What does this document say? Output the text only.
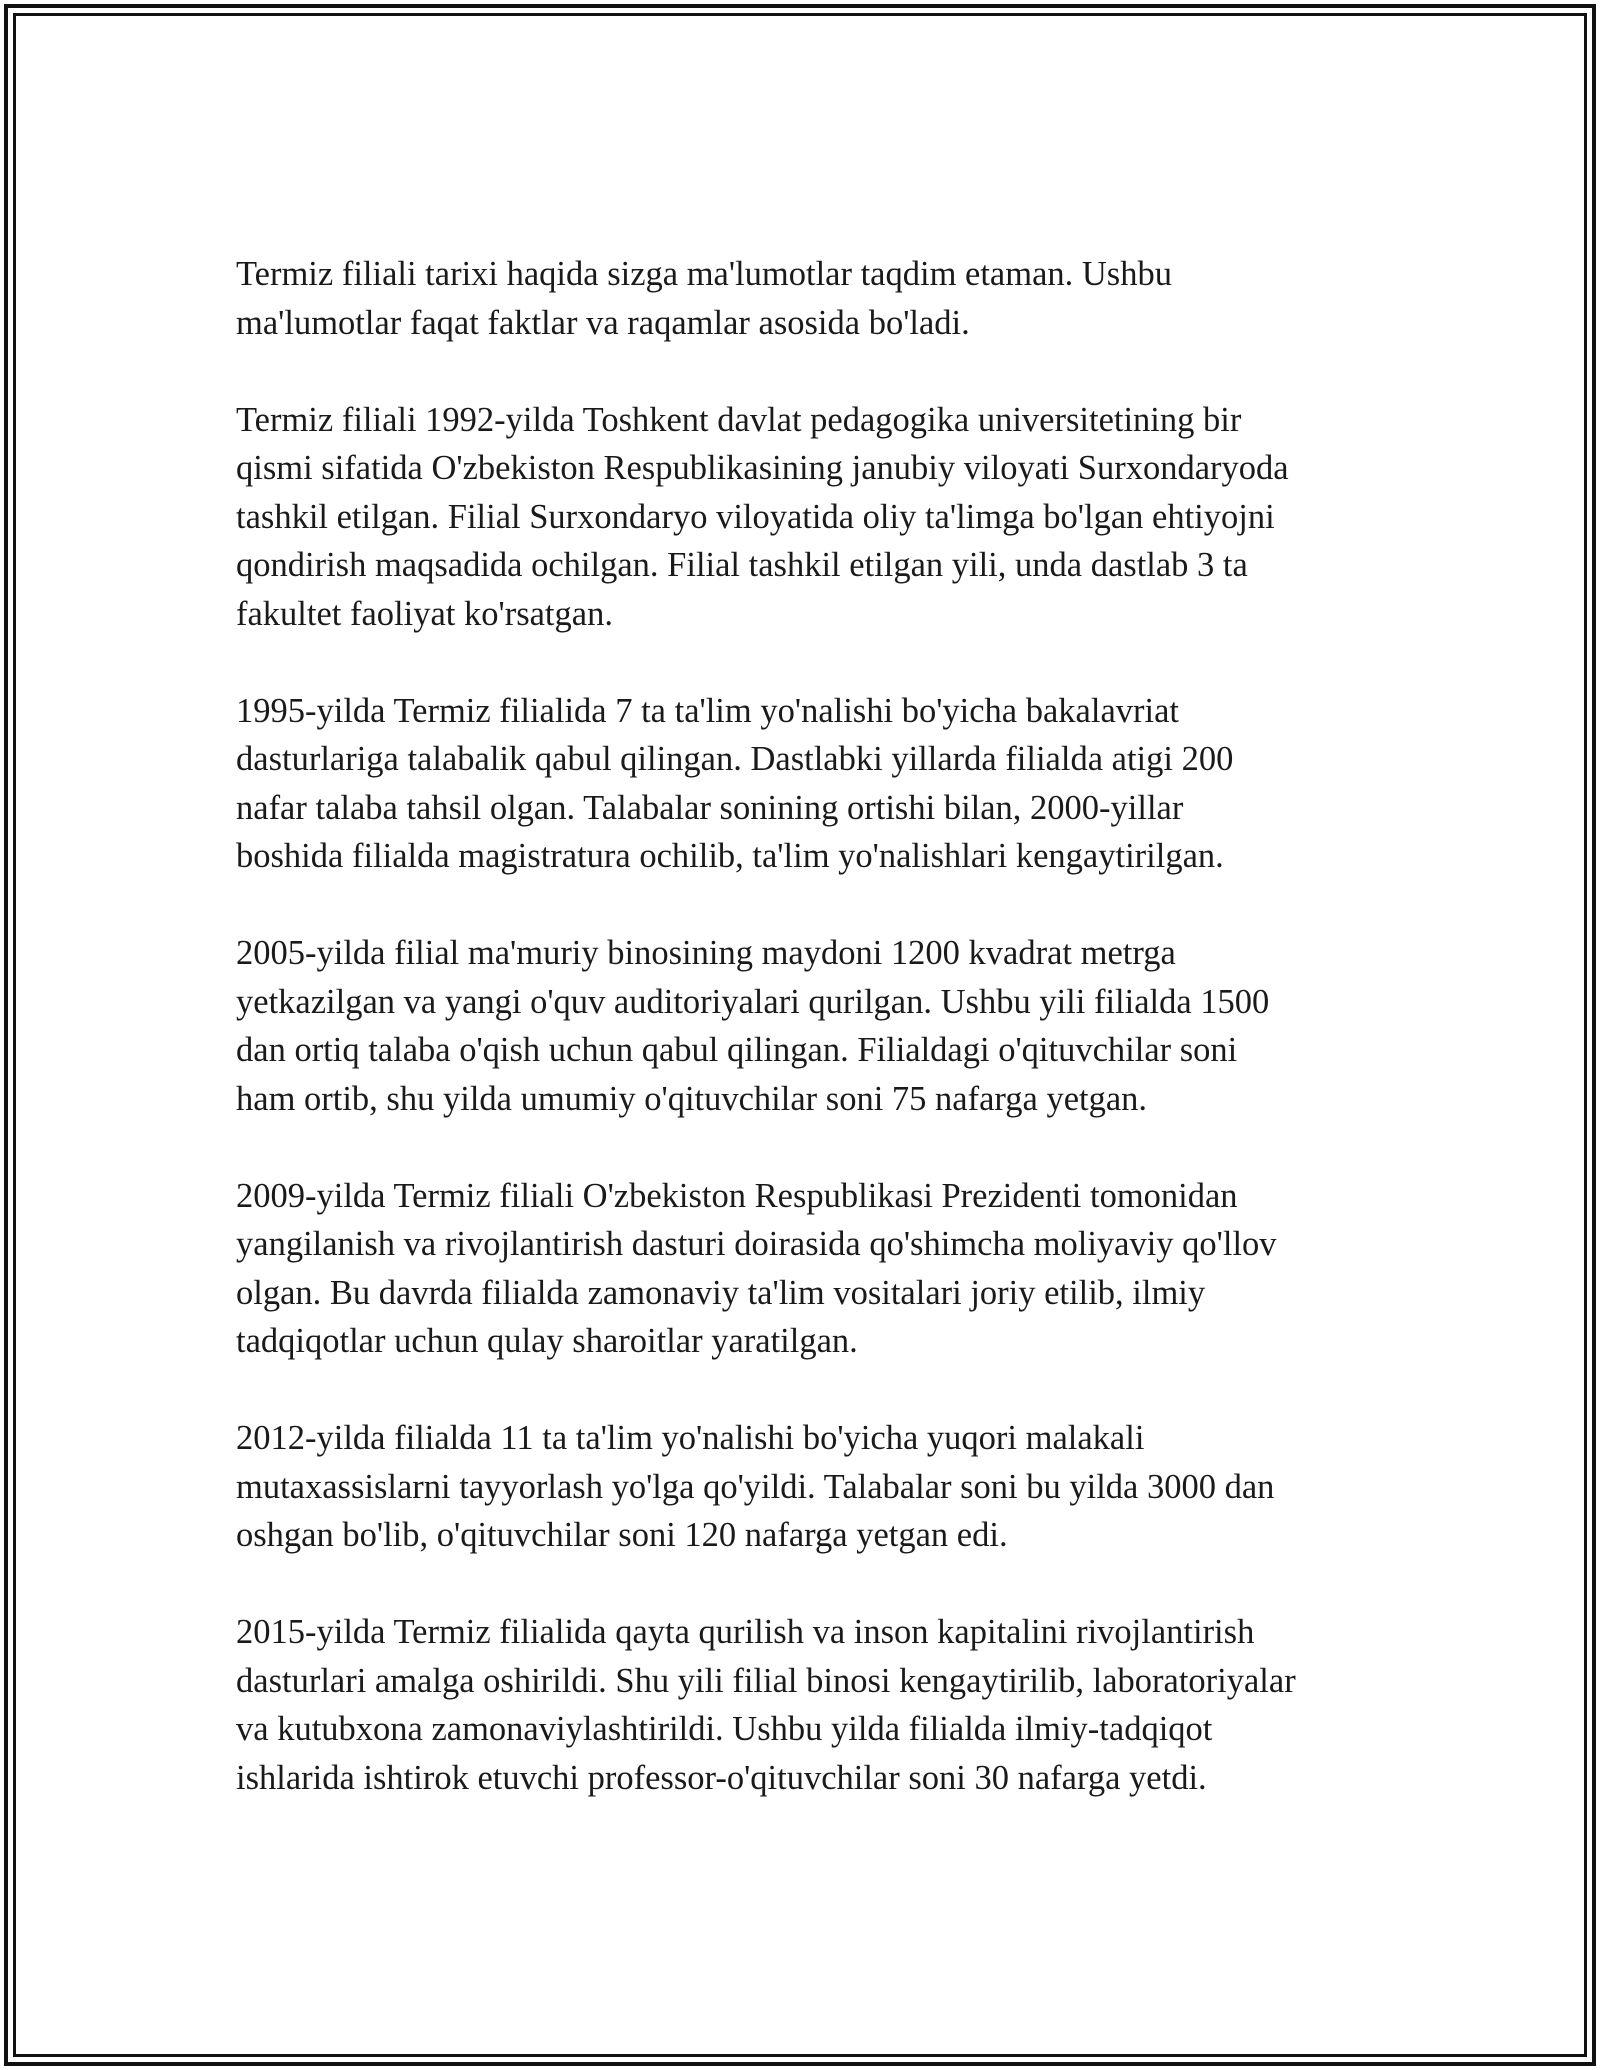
Termiz filiali tarixi haqida sizga ma'lumotlar taqdim etaman. Ushbu
ma'lumotlar faqat faktlar va raqamlar asosida bo'ladi.

Termiz filiali 1992-yilda Toshkent davlat pedagogika universitetining bir
qismi sifatida O'zbekiston Respublikasining janubiy viloyati Surxondaryoda
tashkil etilgan. Filial Surxondaryo viloyatida oliy ta'limga bo'lgan ehtiyojni
qondirish maqsadida ochilgan. Filial tashkil etilgan yili, unda dastlab 3 ta
fakultet faoliyat ko'rsatgan.

1995-yilda Termiz filialida 7 ta ta'lim yo'nalishi bo'yicha bakalavriat
dasturlariga talabalik qabul qilingan. Dastlabki yillarda filialda atigi 200
nafar talaba tahsil olgan. Talabalar sonining ortishi bilan, 2000-yillar
boshida filialda magistratura ochilib, ta'lim yo'nalishlari kengaytirilgan.

2005-yilda filial ma'muriy binosining maydoni 1200 kvadrat metrga
yetkazilgan va yangi o'quv auditoriyalari qurilgan. Ushbu yili filialda 1500
dan ortiq talaba o'qish uchun qabul qilingan. Filialdagi o'qituvchilar soni
ham ortib, shu yilda umumiy o'qituvchilar soni 75 nafarga yetgan.

2009-yilda Termiz filiali O'zbekiston Respublikasi Prezidenti tomonidan
yangilanish va rivojlantirish dasturi doirasida qo'shimcha moliyaviy qo'llov
olgan. Bu davrda filialda zamonaviy ta'lim vositalari joriy etilib, ilmiy
tadqiqotlar uchun qulay sharoitlar yaratilgan.

2012-yilda filialda 11 ta ta'lim yo'nalishi bo'yicha yuqori malakali
mutaxassislarni tayyorlash yo'lga qo'yildi. Talabalar soni bu yilda 3000 dan
oshgan bo'lib, o'qituvchilar soni 120 nafarga yetgan edi.

2015-yilda Termiz filialida qayta qurilish va inson kapitalini rivojlantirish
dasturlari amalga oshirildi. Shu yili filial binosi kengaytirilib, laboratoriyalar
va kutubxona zamonaviylashtirildi. Ushbu yilda filialda ilmiy-tadqiqot
ishlarida ishtirok etuvchi professor-o'qituvchilar soni 30 nafarga yetdi.
